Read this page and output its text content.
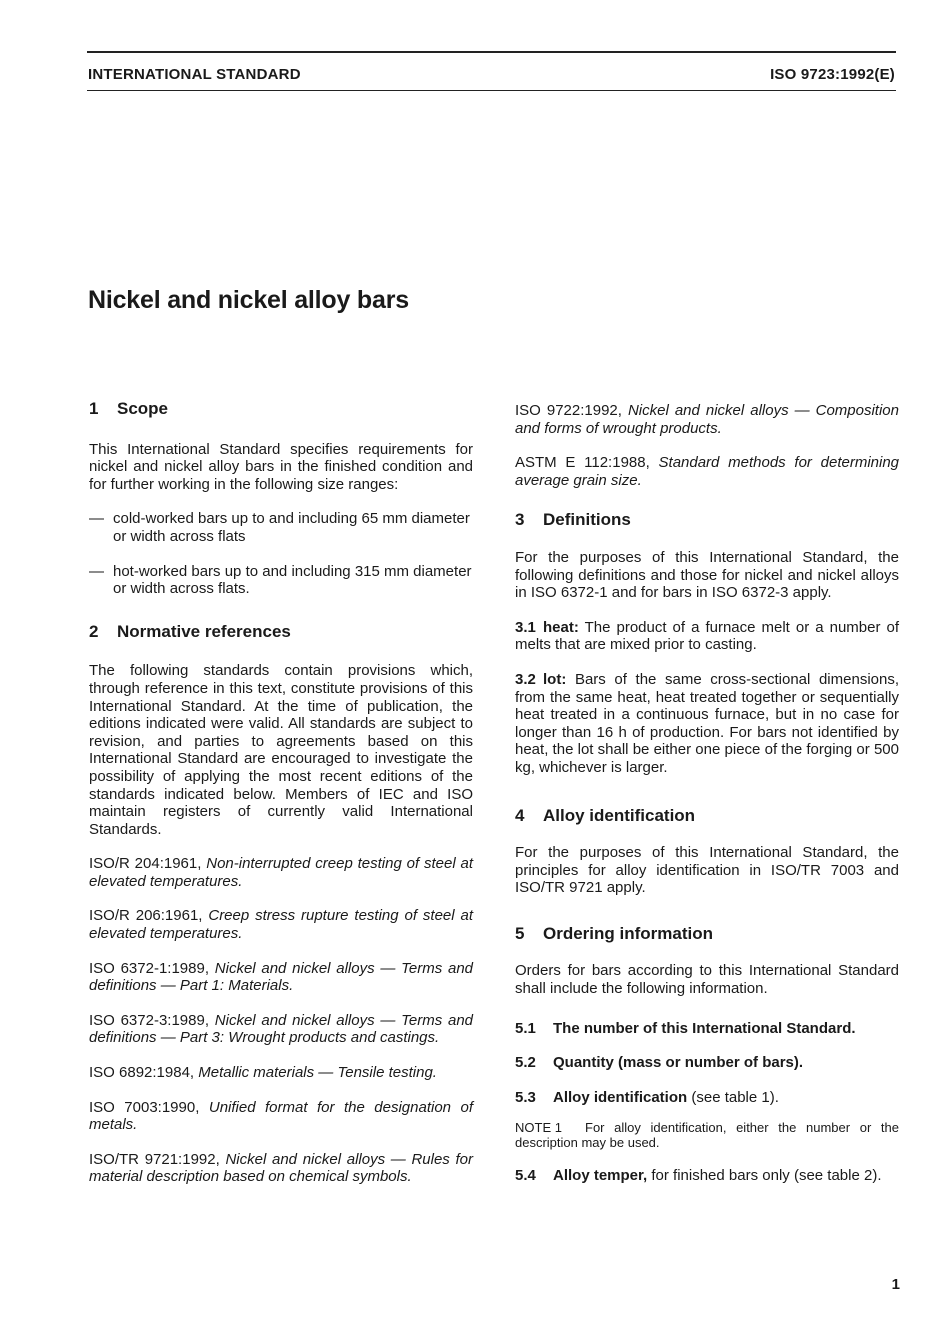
INTERNATIONAL STANDARD	ISO 9723:1992(E)
Nickel and nickel alloy bars
1 Scope

This International Standard specifies requirements for nickel and nickel alloy bars in the finished condition and for further working in the following size ranges:

— cold-worked bars up to and including 65 mm diameter or width across flats
— hot-worked bars up to and including 315 mm diameter or width across flats.
2 Normative references

The following standards contain provisions which, through reference in this text, constitute provisions of this International Standard. At the time of publication, the editions indicated were valid. All standards are subject to revision, and parties to agreements based on this International Standard are encouraged to investigate the possibility of applying the most recent editions of the standards indicated below. Members of IEC and ISO maintain registers of currently valid International Standards.

ISO/R 204:1961, Non-interrupted creep testing of steel at elevated temperatures.

ISO/R 206:1961, Creep stress rupture testing of steel at elevated temperatures.

ISO 6372-1:1989, Nickel and nickel alloys — Terms and definitions — Part 1: Materials.

ISO 6372-3:1989, Nickel and nickel alloys — Terms and definitions — Part 3: Wrought products and castings.

ISO 6892:1984, Metallic materials — Tensile testing.

ISO 7003:1990, Unified format for the designation of metals.

ISO/TR 9721:1992, Nickel and nickel alloys — Rules for material description based on chemical symbols.

ISO 9722:1992, Nickel and nickel alloys — Composition and forms of wrought products.

ASTM E 112:1988, Standard methods for determining average grain size.

3 Definitions

For the purposes of this International Standard, the following definitions and those for nickel and nickel alloys in ISO 6372-1 and for bars in ISO 6372-3 apply.

3.1 heat: The product of a furnace melt or a number of melts that are mixed prior to casting.

3.2 lot: Bars of the same cross-sectional dimensions, from the same heat, heat treated together or sequentially heat treated in a continuous furnace, but in no case for longer than 16 h of production. For bars not identified by heat, the lot shall be either one piece of the forging or 500 kg, whichever is larger.

4 Alloy identification

For the purposes of this International Standard, the principles for alloy identification in ISO/TR 7003 and ISO/TR 9721 apply.

5 Ordering information

Orders for bars according to this International Standard shall include the following information.

5.1 The number of this International Standard.

5.2 Quantity (mass or number of bars).

5.3 Alloy identification (see table 1).

NOTE 1 For alloy identification, either the number or the description may be used.

5.4 Alloy temper, for finished bars only (see table 2).

1
